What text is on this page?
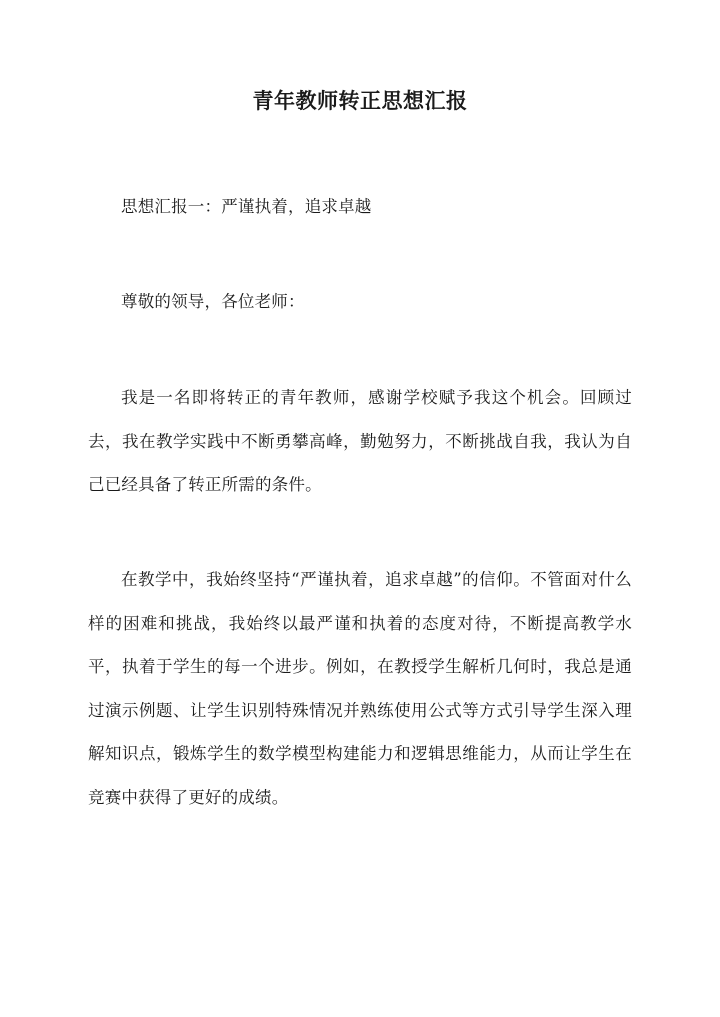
青年教师转正思想汇报

思想汇报一：严谨执着，追求卓越

尊敬的领导，各位老师：

我是一名即将转正的青年教师，感谢学校赋予我这个机会。回顾过去，我在教学实践中不断勇攀高峰，勤勉努力，不断挑战自我，我认为自己已经具备了转正所需的条件。

在教学中，我始终坚持“严谨执着，追求卓越”的信仰。不管面对什么样的困难和挑战，我始终以最严谨和执着的态度对待，不断提高教学水平，执着于学生的每一个进步。例如，在教授学生解析几何时，我总是通过演示例题、让学生识别特殊情况并熟练使用公式等方式引导学生深入理解知识点，锻炼学生的数学模型构建能力和逻辑思维能力，从而让学生在竞赛中获得了更好的成绩。
